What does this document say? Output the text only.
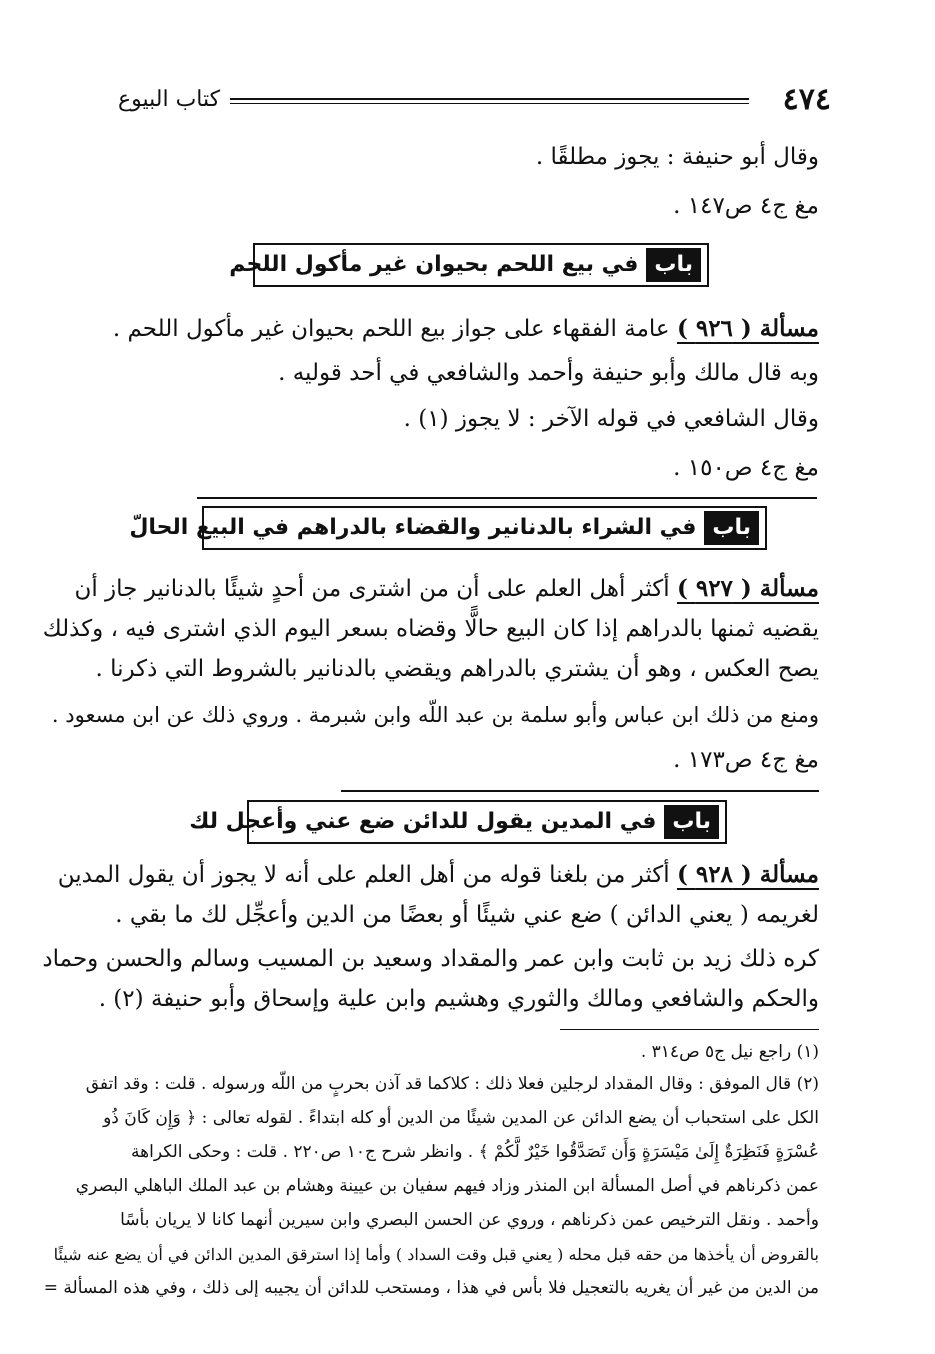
٤٧٤
كتاب البيوع
وقال أبو حنيفة : يجوز مطلقًا .
مغ ج٤ ص١٤٧ .
باب
في بيع اللحم بحيوان غير مأكول اللحم
مسألة ( ٩٢٦ ) عامة الفقهاء على جواز بيع اللحم بحيوان غير مأكول اللحم .
وبه قال مالك وأبو حنيفة وأحمد والشافعي في أحد قوليه .
وقال الشافعي في قوله الآخر : لا يجوز (١) .
مغ ج٤ ص١٥٠ .
باب
في الشراء بالدنانير والقضاء بالدراهم في البيع الحالّ
مسألة ( ٩٢٧ ) أكثر أهل العلم على أن من اشترى من أحدٍ شيئًا بالدنانير جاز أن
يقضيه ثمنها بالدراهم إذا كان البيع حالًّا وقضاه بسعر اليوم الذي اشترى فيه ، وكذلك
يصح العكس ، وهو أن يشتري بالدراهم ويقضي بالدنانير بالشروط التي ذكرنا .
ومنع من ذلك ابن عباس وأبو سلمة بن عبد اللّه وابن شبرمة . وروي ذلك عن ابن مسعود .
مغ ج٤ ص١٧٣ .
باب
في المدين يقول للدائن ضع عني وأعجل لك
مسألة ( ٩٢٨ ) أكثر من بلغنا قوله من أهل العلم على أنه لا يجوز أن يقول المدين
لغريمه ( يعني الدائن ) ضع عني شيئًا أو بعضًا من الدين وأعجِّل لك ما بقي .
كره ذلك زيد بن ثابت وابن عمر والمقداد وسعيد بن المسيب وسالم والحسن وحماد
والحكم والشافعي ومالك والثوري وهشيم وابن علية وإسحاق وأبو حنيفة (٢) .
(١) راجع نيل ج٥ ص٣١٤ .
(٢) قال الموفق : وقال المقداد لرجلين فعلا ذلك : كلاكما قد آذن بحربٍ من اللّه ورسوله . قلت : وقد اتفق
الكل على استحباب أن يضع الدائن عن المدين شيئًا من الدين أو كله ابتداءً . لقوله تعالى : ﴿ وَإِن كَانَ ذُو
عُسْرَةٍ فَنَظِرَةٌ إِلَىٰ مَيْسَرَةٍ وَأَن تَصَدَّقُوا خَيْرٌ لَّكُمْ ﴾ . وانظر شرح ج١٠ ص٢٢٠ . قلت : وحكى الكراهة
عمن ذكرناهم في أصل المسألة ابن المنذر وزاد فيهم سفيان بن عيينة وهشام بن عبد الملك الباهلي البصري
وأحمد . ونقل الترخيص عمن ذكرناهم ، وروي عن الحسن البصري وابن سيرين أنهما كانا لا يريان بأسًا
بالقروض أن يأخذها من حقه قبل محله ( يعني قبل وقت السداد ) وأما إذا استرقق المدين الدائن في أن يضع عنه شيئًا
من الدين من غير أن يغريه بالتعجيل فلا بأس في هذا ، ومستحب للدائن أن يجيبه إلى ذلك ، وفي هذه المسألة =
